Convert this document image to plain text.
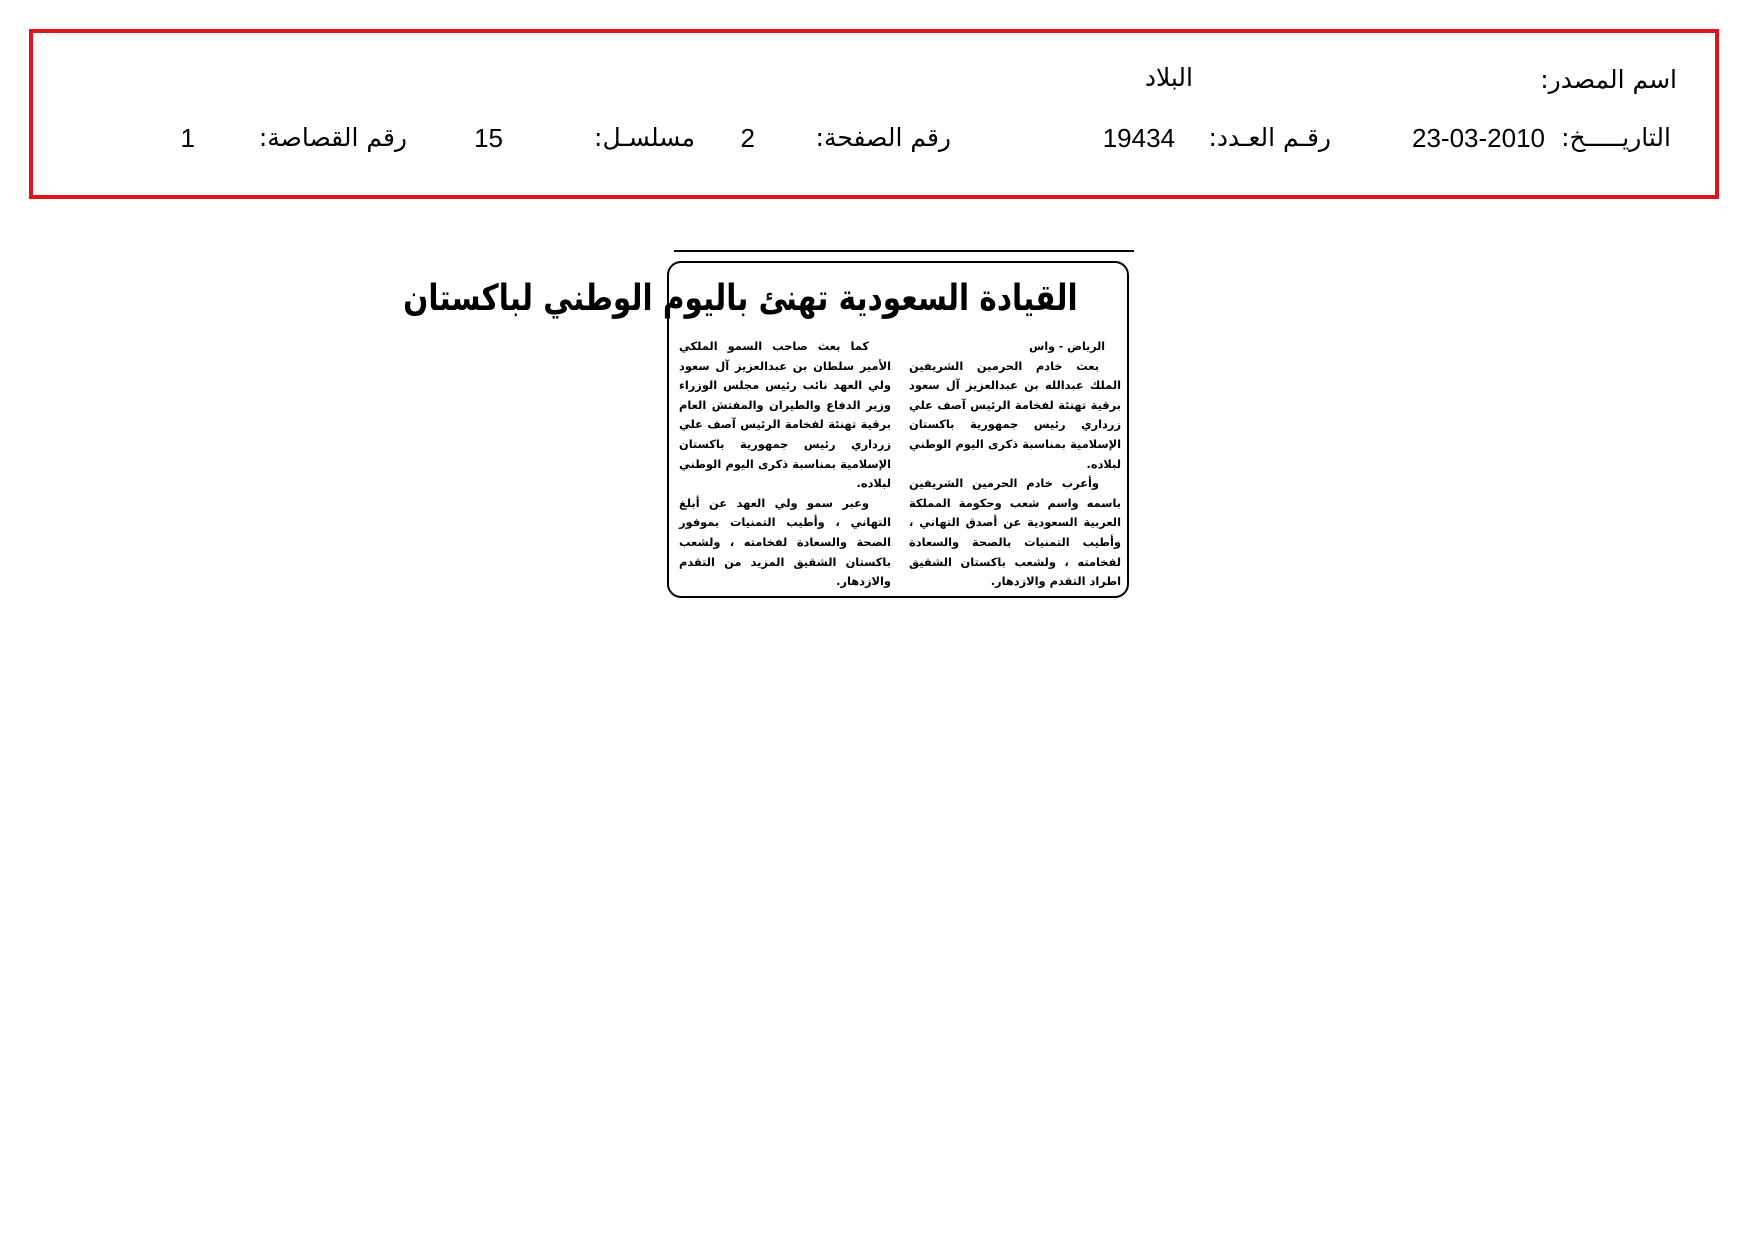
اسم المصدر:
البلاد
التاريـــــخ:
23-03-2010
رقـم العـدد:
19434
رقم الصفحة:
2
مسلسـل:
15
رقم القصاصة:
1
القيادة السعودية تهنئ باليوم الوطني لباكستان
الرياض - واس

بعث خادم الحرمين الشريفين الملك عبدالله بن عبدالعزيز آل سعود برقية تهنئة لفخامة الرئيس آصف علي زرداري رئيس جمهورية باكستان الإسلامية بمناسبة ذكرى اليوم الوطني لبلاده.

وأعرب خادم الحرمين الشريفين باسمه واسم شعب وحكومة المملكة العربية السعودية عن أصدق التهاني ، وأطيب التمنيات بالصحة والسعادة لفخامته ، ولشعب باكستان الشقيق اطراد التقدم والازدهار.

كما بعث صاحب السمو الملكي الأمير سلطان بن عبدالعزيز آل سعود ولي العهد نائب رئيس مجلس الوزراء وزير الدفاع والطيران والمفتش العام برقية تهنئة لفخامة الرئيس آصف علي زرداري رئيس جمهورية باكستان الإسلامية بمناسبة ذكرى اليوم الوطني لبلاده.

وعبر سمو ولي العهد عن أبلغ التهاني ، وأطيب التمنيات بموفور الصحة والسعادة لفخامته ، ولشعب باكستان الشقيق المزيد من التقدم والازدهار.
